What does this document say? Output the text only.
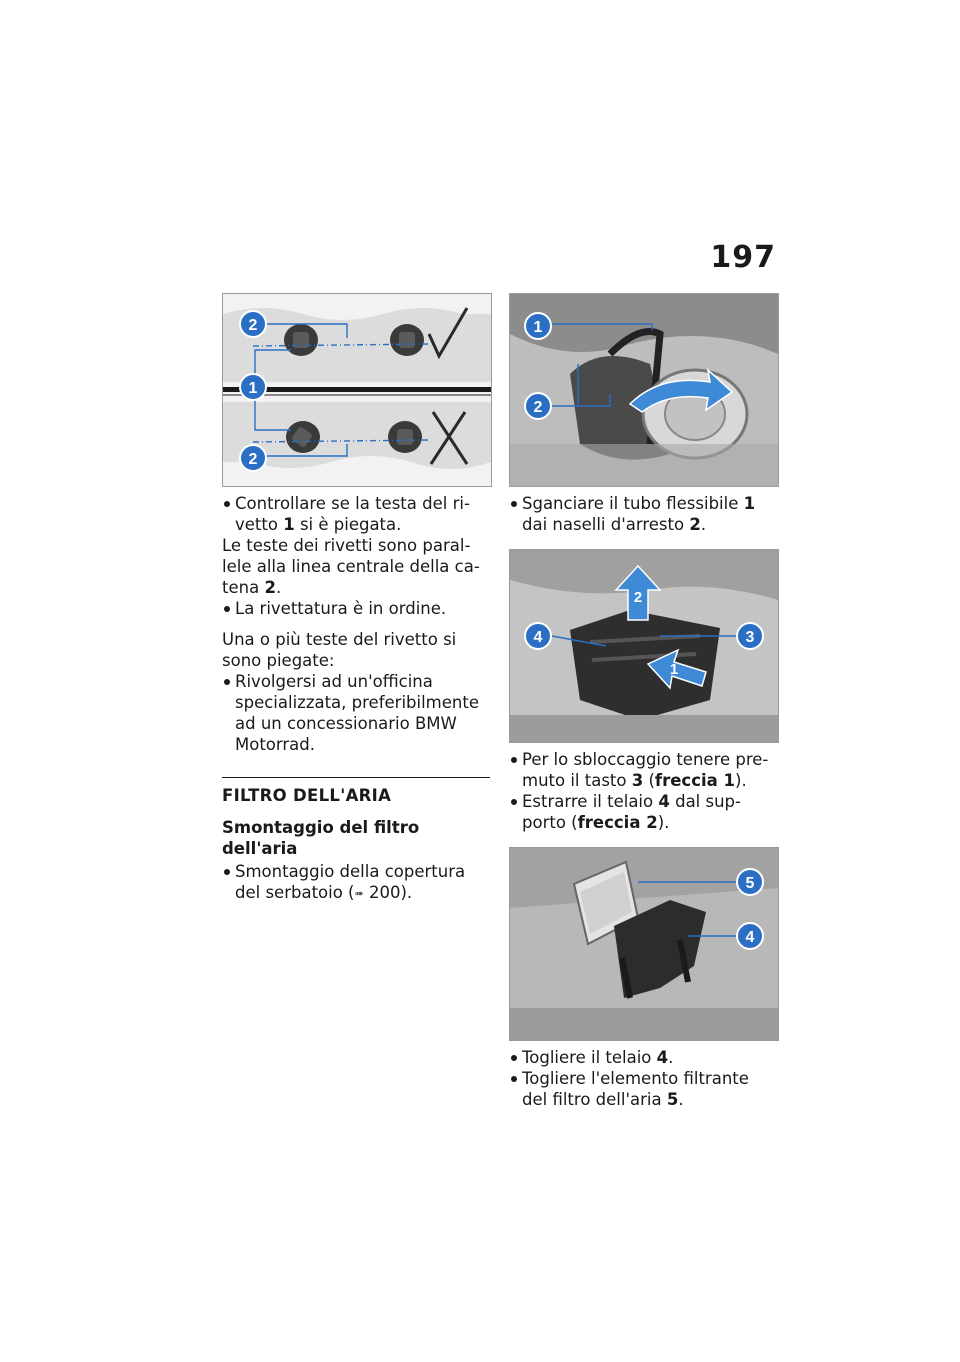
197
2
1
2
Controllare se la testa del ri-vetto 1 si è piegata.

Le teste dei rivetti sono paral-lele alla linea centrale della ca-tena 2.

La rivettatura è in ordine.

Una o più teste del rivetto si sono piegate:

Rivolgersi ad un'officina specializzata, preferibilmente ad un concessionario BMW Motorrad.
FILTRO DELL'ARIA
Smontaggio del filtro dell'aria
Smontaggio della copertura del serbatoio (➠ 200).
1
2
Sganciare il tubo flessibile 1 dai naselli d'arresto 2.
4	3
2
1
Per lo sbloccaggio tenere pre-muto il tasto 3 (freccia 1).
Estrarre il telaio 4 dal sup-porto (freccia 2).
5
4
Togliere il telaio 4.
Togliere l'elemento filtrante del filtro dell'aria 5.
